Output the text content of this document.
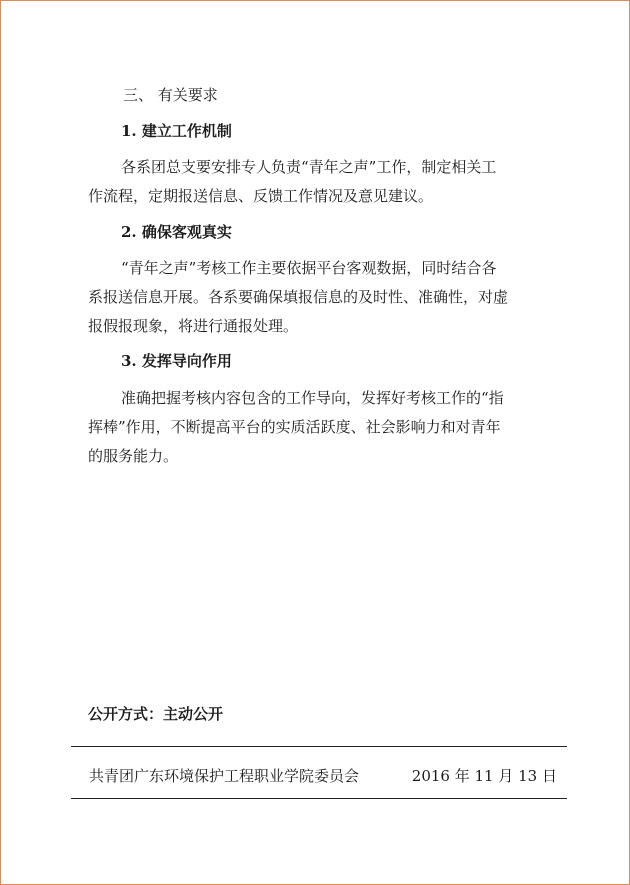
三、 有关要求
1. 建立工作机制
各系团总支要安排专人负责“青年之声”工作，制定相关工
作流程，定期报送信息、反馈工作情况及意见建议。
2. 确保客观真实
“青年之声”考核工作主要依据平台客观数据，同时结合各
系报送信息开展。各系要确保填报信息的及时性、准确性，对虚
报假报现象，将进行通报处理。
3. 发挥导向作用
准确把握考核内容包含的工作导向，发挥好考核工作的“指
挥棒”作用，不断提高平台的实质活跃度、社会影响力和对青年
的服务能力。
公开方式：主动公开
共青团广东环境保护工程职业学院委员会	2016 年 11 月 13 日
